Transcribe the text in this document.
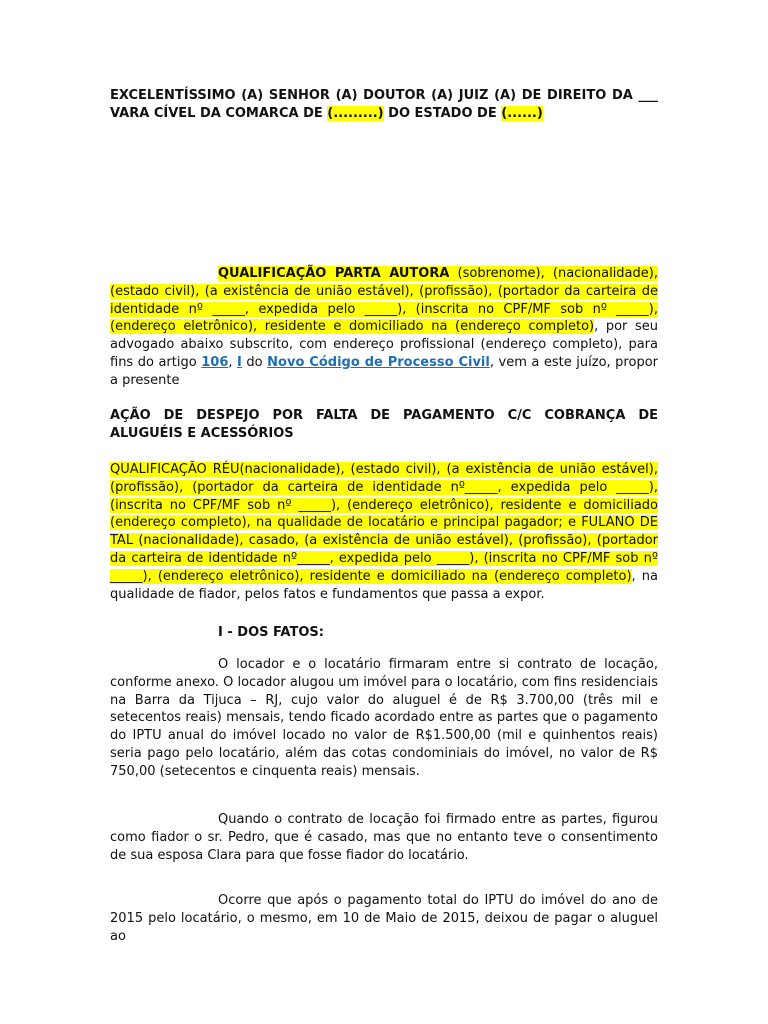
EXCELENTÍSSIMO (A) SENHOR (A) DOUTOR (A) JUIZ (A) DE DIREITO DA ___ VARA CÍVEL DA COMARCA DE (.........) DO ESTADO DE (......)

QUALIFICAÇÃO PARTA AUTORA (sobrenome), (nacionalidade), (estado civil), (a existência de união estável), (profissão), (portador da carteira de identidade nº _____, expedida pelo _____), (inscrita no CPF/MF sob nº _____), (endereço eletrônico), residente e domiciliado na (endereço completo), por seu advogado abaixo subscrito, com endereço profissional (endereço completo), para fins do artigo 106, I do Novo Código de Processo Civil, vem a este juízo, propor a presente

AÇÃO DE DESPEJO POR FALTA DE PAGAMENTO C/C COBRANÇA DE ALUGUÉIS E ACESSÓRIOS

QUALIFICAÇÃO RÉU(nacionalidade), (estado civil), (a existência de união estável), (profissão), (portador da carteira de identidade nº_____, expedida pelo _____), (inscrita no CPF/MF sob nº _____), (endereço eletrônico), residente e domiciliado (endereço completo), na qualidade de locatário e principal pagador; e FULANO DE TAL (nacionalidade), casado, (a existência de união estável), (profissão), (portador da carteira de identidade nº_____, expedida pelo _____), (inscrita no CPF/MF sob nº _____), (endereço eletrônico), residente e domiciliado na (endereço completo), na qualidade de fiador, pelos fatos e fundamentos que passa a expor.

I - DOS FATOS:

O locador e o locatário firmaram entre si contrato de locação, conforme anexo. O locador alugou um imóvel para o locatário, com fins residenciais na Barra da Tijuca – RJ, cujo valor do aluguel é de R$ 3.700,00 (três mil e setecentos reais) mensais, tendo ficado acordado entre as partes que o pagamento do IPTU anual do imóvel locado no valor de R$1.500,00 (mil e quinhentos reais) seria pago pelo locatário, além das cotas condominiais do imóvel, no valor de R$ 750,00 (setecentos e cinquenta reais) mensais.

Quando o contrato de locação foi firmado entre as partes, figurou como fiador o sr. Pedro, que é casado, mas que no entanto teve o consentimento de sua esposa Clara para que fosse fiador do locatário.

Ocorre que após o pagamento total do IPTU do imóvel do ano de 2015 pelo locatário, o mesmo, em 10 de Maio de 2015, deixou de pagar o aluguel ao
